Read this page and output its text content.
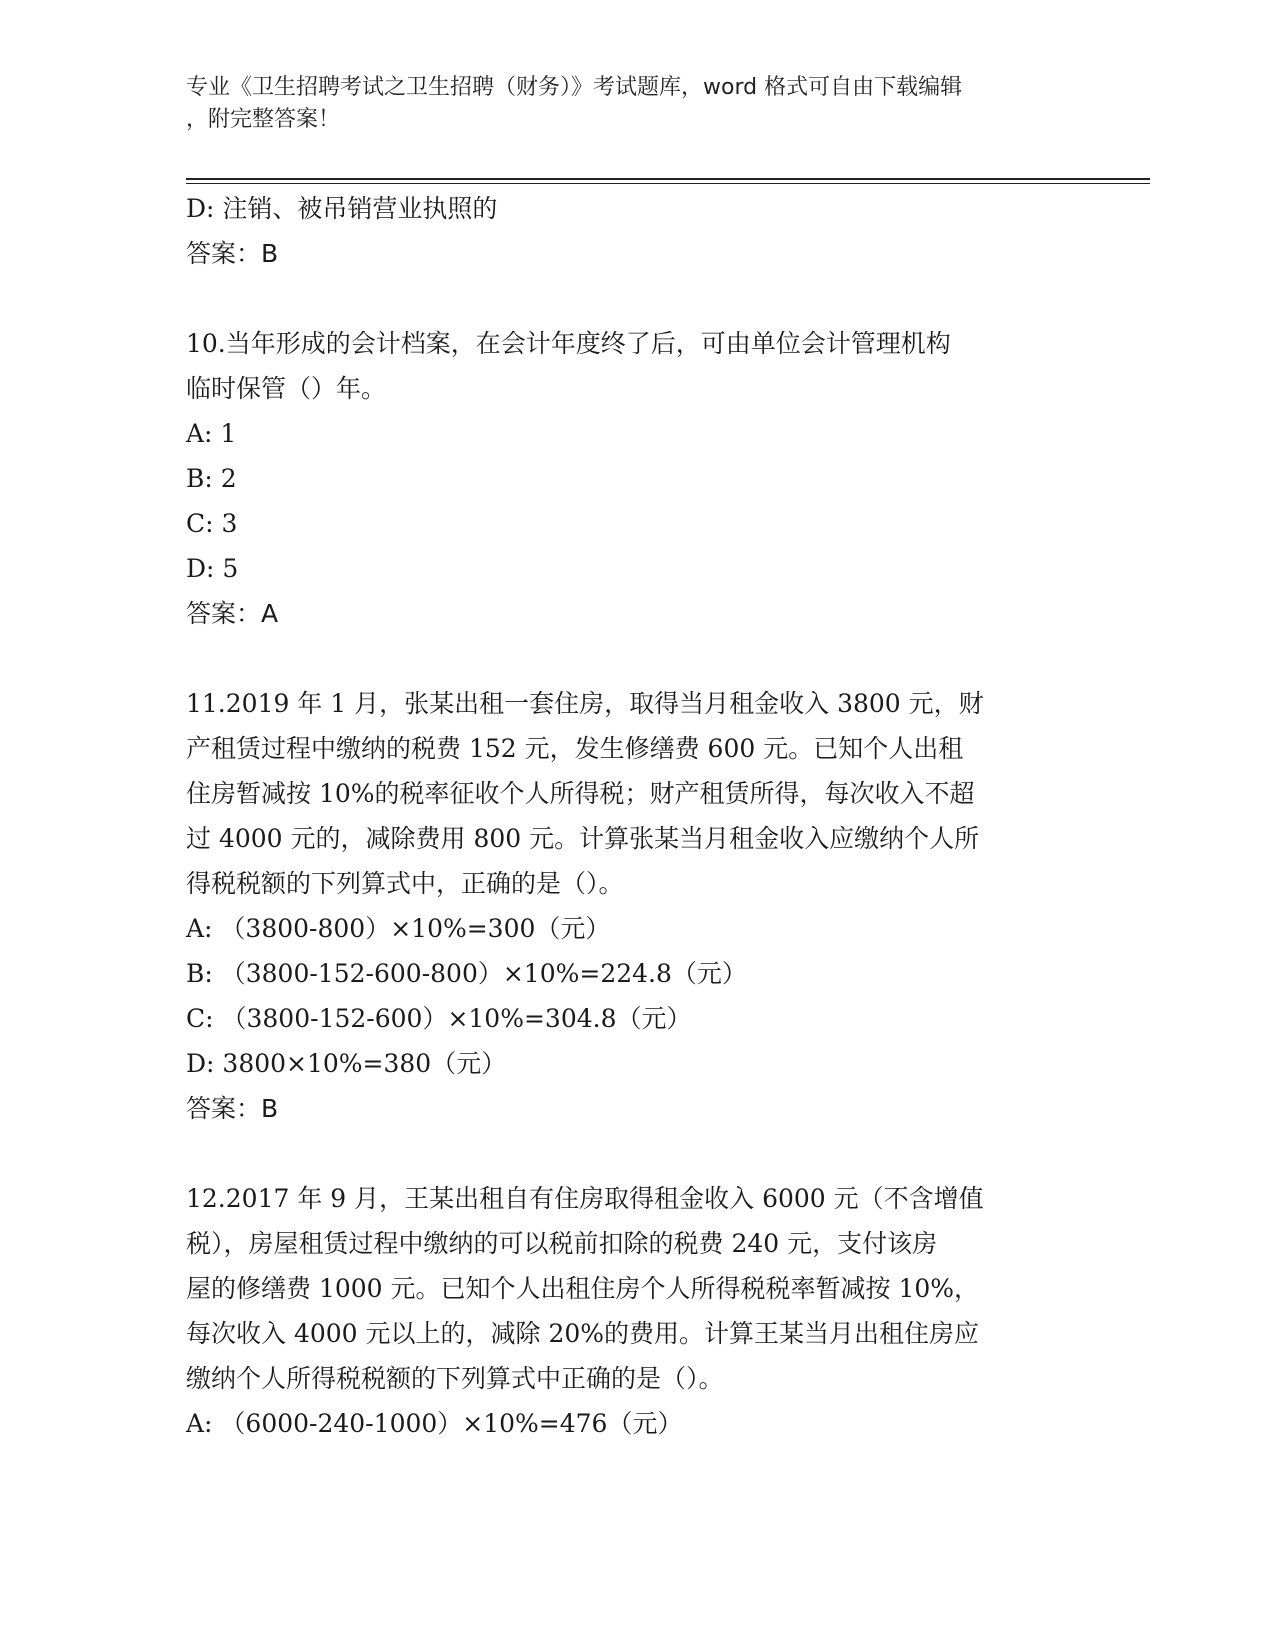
专业《卫生招聘考试之卫生招聘（财务）》考试题库，word 格式可自由下载编辑
，附完整答案！
D: 注销、被吊销营业执照的
答案：B
10.当年形成的会计档案，在会计年度终了后，可由单位会计管理机构
临时保管（）年。
A: 1
B: 2
C: 3
D: 5
答案：A
11.2019 年 1 月，张某出租一套住房，取得当月租金收入 3800 元，财
产租赁过程中缴纳的税费 152 元，发生修缮费 600 元。已知个人出租
住房暂减按 10%的税率征收个人所得税；财产租赁所得，每次收入不超
过 4000 元的，减除费用 800 元。计算张某当月租金收入应缴纳个人所
得税税额的下列算式中，正确的是（）。
A: （3800-800）×10%=300（元）
B: （3800-152-600-800）×10%=224.8（元）
C: （3800-152-600）×10%=304.8（元）
D: 3800×10%=380（元）
答案：B
12.2017 年 9 月，王某出租自有住房取得租金收入 6000 元（不含增值
税），房屋租赁过程中缴纳的可以税前扣除的税费 240 元，支付该房
屋的修缮费 1000 元。已知个人出租住房个人所得税税率暂减按 10%，
每次收入 4000 元以上的，减除 20%的费用。计算王某当月出租住房应
缴纳个人所得税税额的下列算式中正确的是（）。
A: （6000-240-1000）×10%=476（元）
